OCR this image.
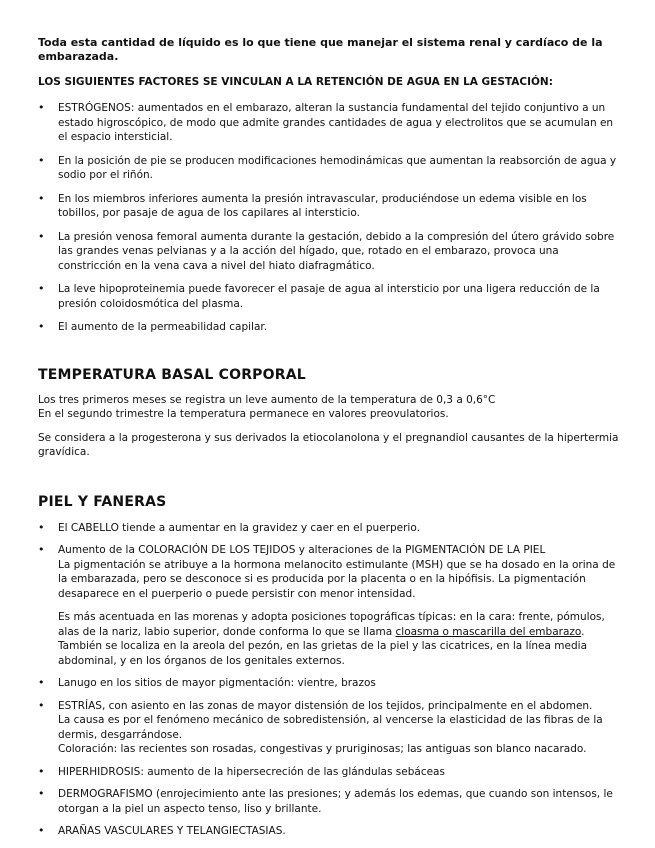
Toda esta cantidad de líquido es lo que tiene que manejar el sistema renal y cardíaco de la embarazada.

LOS SIGUIENTES FACTORES SE VINCULAN A LA RETENCIÓN DE AGUA EN LA GESTACIÓN:

• ESTRÓGENOS: aumentados en el embarazo, alteran la sustancia fundamental del tejido conjuntivo a un estado higroscópico, de modo que admite grandes cantidades de agua y electrolitos que se acumulan en el espacio intersticial.
• En la posición de pie se producen modificaciones hemodinámicas que aumentan la reabsorción de agua y sodio por el riñón.
• En los miembros inferiores aumenta la presión intravascular, produciéndose un edema visible en los tobillos, por pasaje de agua de los capilares al intersticio.
• La presión venosa femoral aumenta durante la gestación, debido a la compresión del útero grávido sobre las grandes venas pelvianas y a la acción del hígado, que, rotado en el embarazo, provoca una constricción en la vena cava a nivel del hiato diafragmático.
• La leve hipoproteinemia puede favorecer el pasaje de agua al intersticio por una ligera reducción de la presión coloidosmótica del plasma.
• El aumento de la permeabilidad capilar.
TEMPERATURA BASAL CORPORAL

Los tres primeros meses se registra un leve aumento de la temperatura de 0,3 a 0,6°C
En el segundo trimestre la temperatura permanece en valores preovulatorios.

Se considera a la progesterona y sus derivados la etiocolanolona y el pregnandiol causantes de la hipertermia gravídica.

PIEL Y FANERAS
• El CABELLO tiende a aumentar en la gravidez y caer en el puerperio.
• Aumento de la COLORACIÓN DE LOS TEJIDOS y alteraciones de la PIGMENTACIÓN DE LA PIEL
La pigmentación se atribuye a la hormona melanocito estimulante (MSH) que se ha dosado en la orina de la embarazada, pero se desconoce si es producida por la placenta o en la hipófisis. La pigmentación desaparece en el puerperio o puede persistir con menor intensidad.
Es más acentuada en las morenas y adopta posiciones topográficas típicas: en la cara: frente, pómulos, alas de la nariz, labio superior, donde conforma lo que se llama cloasma o mascarilla del embarazo. También se localiza en la areola del pezón, en las grietas de la piel y las cicatrices, en la línea media abdominal, y en los órganos de los genitales externos.
• Lanugo en los sitios de mayor pigmentación: vientre, brazos
• ESTRÍAS, con asiento en las zonas de mayor distensión de los tejidos, principalmente en el abdomen.
La causa es por el fenómeno mecánico de sobredistensión, al vencerse la elasticidad de las fibras de la dermis, desgarrándose.
Coloración: las recientes son rosadas, congestivas y pruriginosas; las antiguas son blanco nacarado.
• HIPERHIDROSIS: aumento de la hipersecreción de las glándulas sebáceas
• DERMOGRAFISMO (enrojecimiento ante las presiones; y además los edemas, que cuando son intensos, le otorgan a la piel un aspecto tenso, liso y brillante.
• ARAÑAS VASCULARES Y TELANGIECTASIAS.
